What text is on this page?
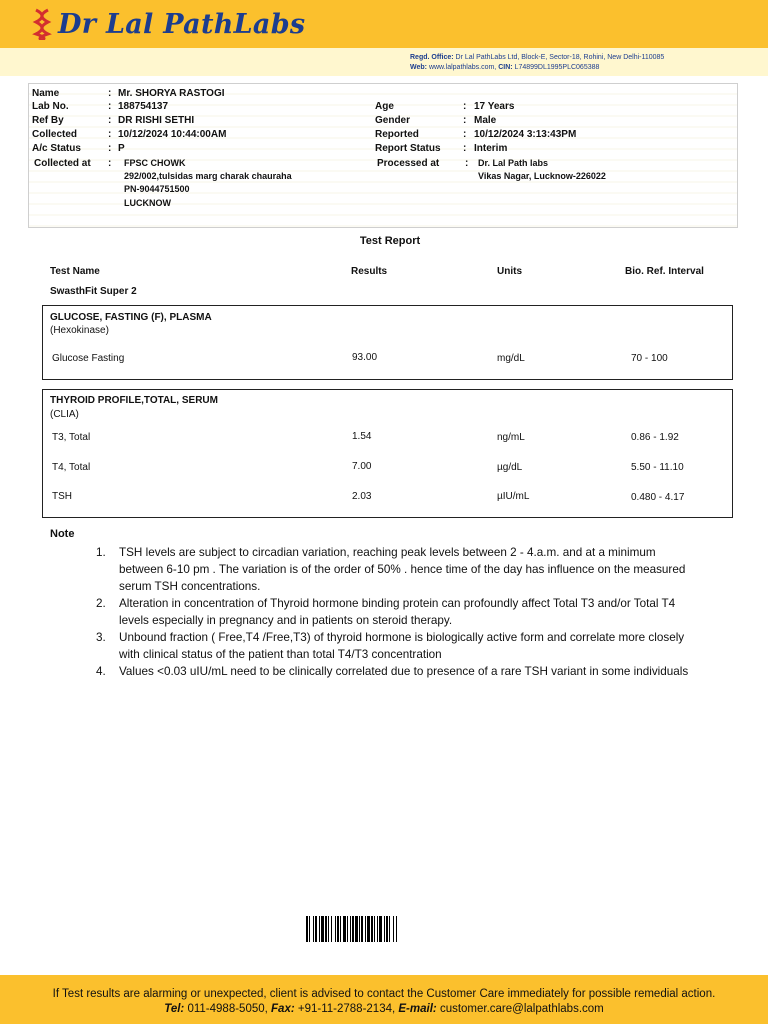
Dr Lal PathLabs
Regd. Office: Dr Lal PathLabs Ltd, Block-E, Sector-18, Rohini, New Delhi-110085
Web: www.lalpathlabs.com, CIN: L74899DL1995PLC065388
Name	: Mr. SHORYA RASTOGI
Lab No.	: 188754137
Ref By	: DR RISHI SETHI
Collected	: 10/12/2024 10:44:00AM
A/c Status	: P
Collected at : FPSC CHOWK
292/002,tulsidas marg charak chauraha
PN-9044751500
LUCKNOW
Age	: 17 Years
Gender	: Male
Reported	: 10/12/2024 3:13:43PM
Report Status : Interim
Processed at	: Dr. Lal Path labs
Vikas Nagar, Lucknow-226022
Test Report
Test Name	Results	Units	Bio. Ref. Interval
SwasthFit Super 2
GLUCOSE, FASTING (F), PLASMA
(Hexokinase)
Glucose Fasting	93.00	mg/dL	70 - 100
THYROID PROFILE,TOTAL, SERUM
(CLIA)
T3, Total	1.54	ng/mL	0.86 - 1.92
T4, Total	7.00	µg/dL	5.50 - 11.10
TSH	2.03	µIU/mL	0.480 - 4.17
Note
1. TSH levels are subject to circadian variation, reaching peak levels between 2 - 4.a.m. and at a minimum between 6-10 pm . The variation is of the order of 50% . hence time of the day has influence on the measured serum TSH concentrations.
2. Alteration in concentration of Thyroid hormone binding protein can profoundly affect Total T3 and/or Total T4 levels especially in pregnancy and in patients on steroid therapy.
3. Unbound fraction ( Free,T4 /Free,T3) of thyroid hormone is biologically active form and correlate more closely with clinical status of the patient than total T4/T3 concentration
4. Values <0.03 uIU/mL need to be clinically correlated due to presence of a rare TSH variant in some individuals
If Test results are alarming or unexpected, client is advised to contact the Customer Care immediately for possible remedial action.
Tel: 011-4988-5050, Fax: +91-11-2788-2134, E-mail: customer.care@lalpathlabs.com
